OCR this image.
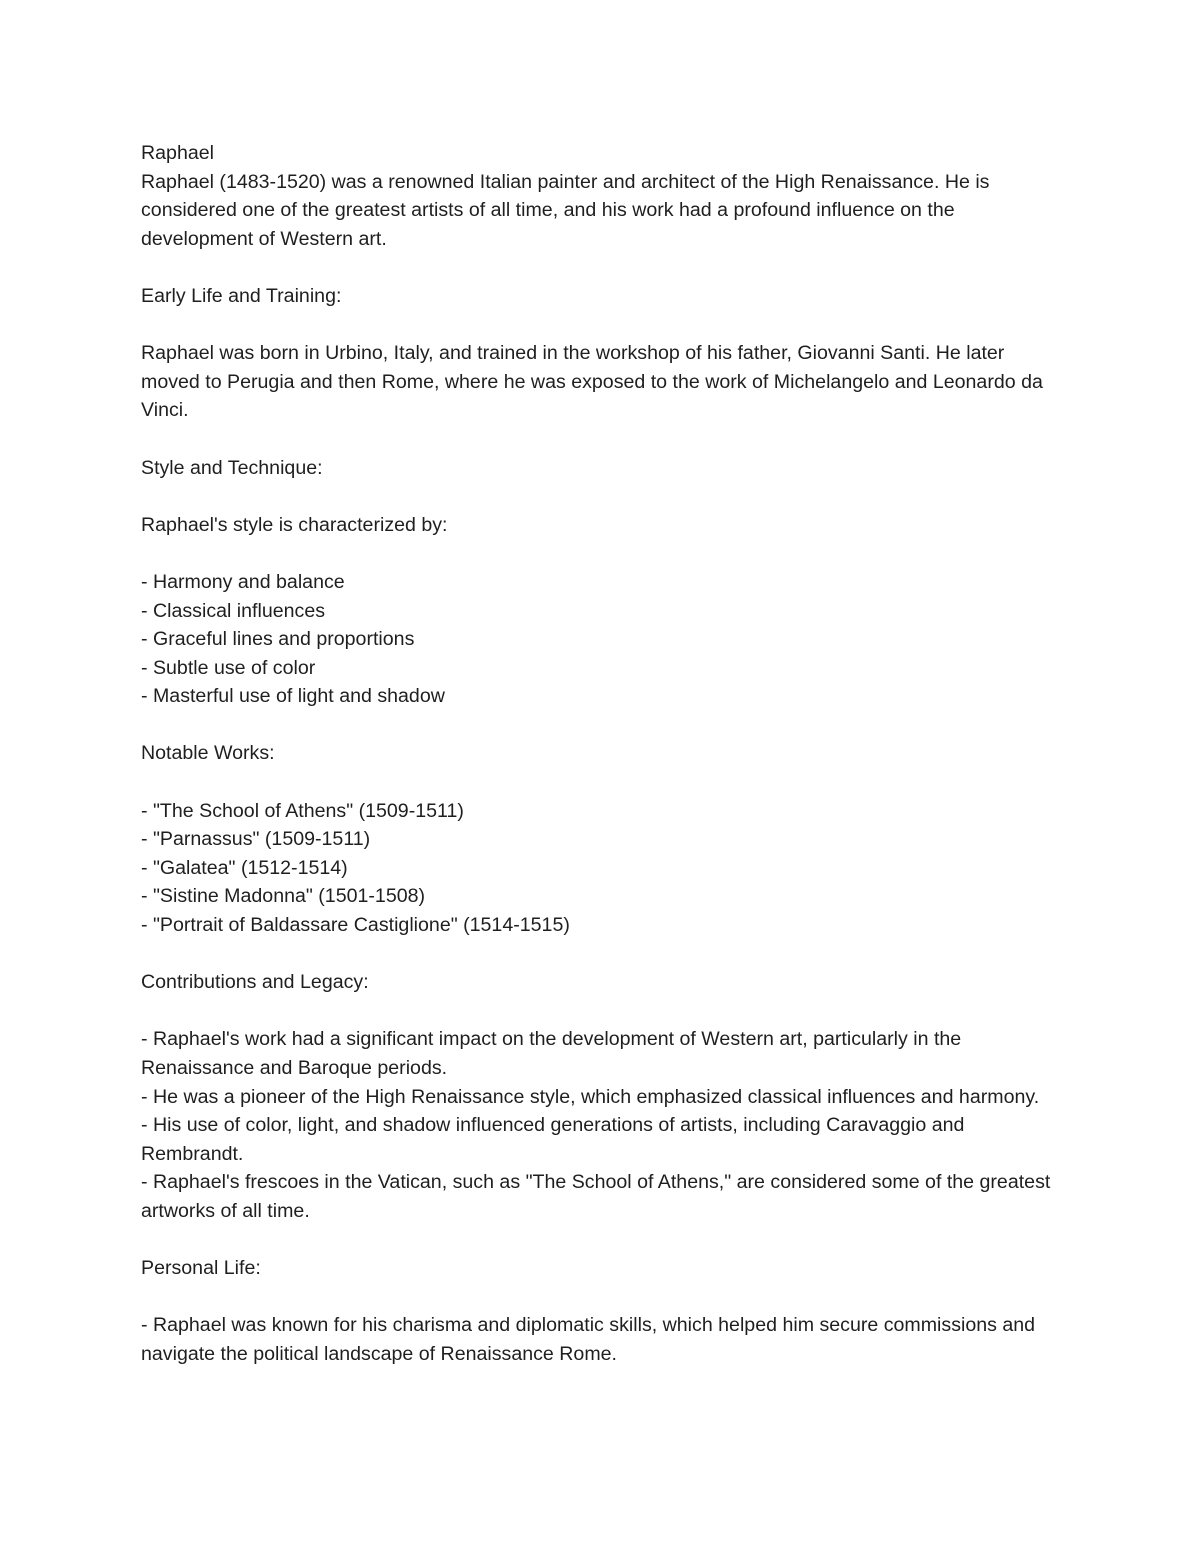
Raphael

Raphael (1483-1520) was a renowned Italian painter and architect of the High Renaissance. He is considered one of the greatest artists of all time, and his work had a profound influence on the development of Western art.

Early Life and Training:

Raphael was born in Urbino, Italy, and trained in the workshop of his father, Giovanni Santi. He later moved to Perugia and then Rome, where he was exposed to the work of Michelangelo and Leonardo da Vinci.

Style and Technique:

Raphael's style is characterized by:

- Harmony and balance
- Classical influences
- Graceful lines and proportions
- Subtle use of color
- Masterful use of light and shadow

Notable Works:

- "The School of Athens" (1509-1511)
- "Parnassus" (1509-1511)
- "Galatea" (1512-1514)
- "Sistine Madonna" (1501-1508)
- "Portrait of Baldassare Castiglione" (1514-1515)

Contributions and Legacy:

- Raphael's work had a significant impact on the development of Western art, particularly in the Renaissance and Baroque periods.
- He was a pioneer of the High Renaissance style, which emphasized classical influences and harmony.
- His use of color, light, and shadow influenced generations of artists, including Caravaggio and Rembrandt.
- Raphael's frescoes in the Vatican, such as "The School of Athens," are considered some of the greatest artworks of all time.

Personal Life:

- Raphael was known for his charisma and diplomatic skills, which helped him secure commissions and navigate the political landscape of Renaissance Rome.
